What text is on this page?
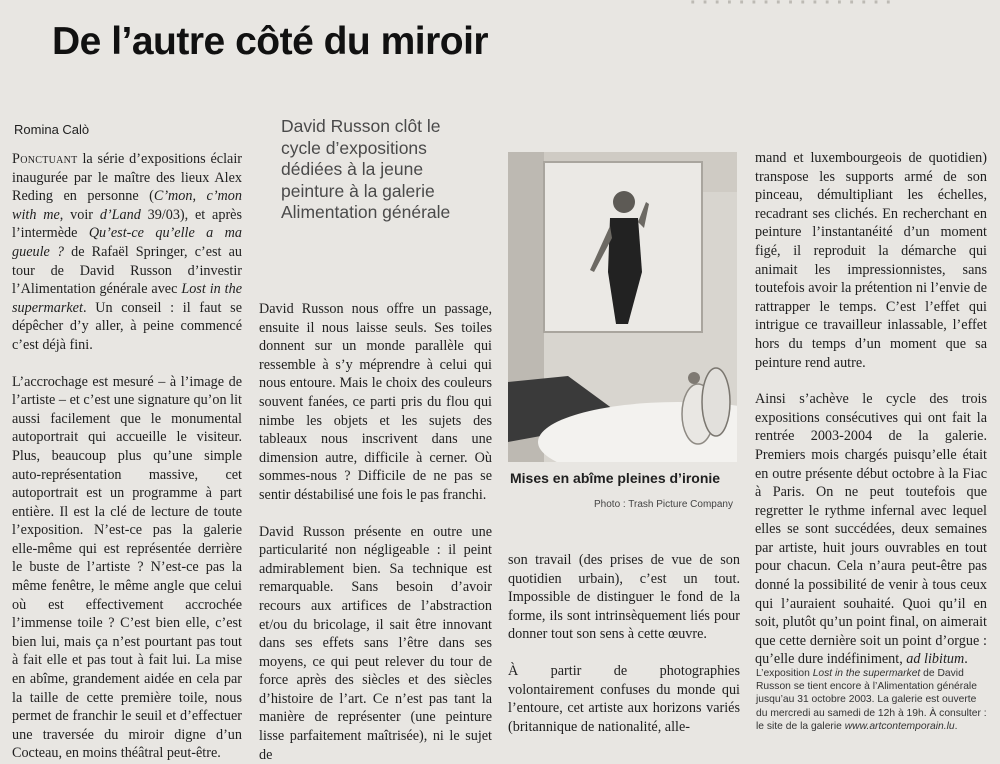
· · · · · · · · · · · · · · · · ·
De l’autre côté du miroir
Romina Calò

Ponctuant la série d’expositions éclair inaugurée par le maître des lieux Alex Reding en personne (C’mon, c’mon with me, voir d’Land 39/03), et après l’intermède Qu’est-ce qu’elle a ma gueule ? de Rafaël Springer, c’est au tour de David Russon d’investir l’Alimentation générale avec Lost in the supermarket. Un conseil : il faut se dépêcher d’y aller, à peine commencé c’est déjà fini.

L’accrochage est mesuré – à l’image de l’artiste – et c’est une signature qu’on lit aussi facilement que le monumental autoportrait qui accueille le visiteur. Plus, beaucoup plus qu’une simple auto-représentation massive, cet autoportrait est un programme à part entière. Il est la clé de lecture de toute l’exposition. N’est-ce pas la galerie elle-même qui est représentée derrière le buste de l’artiste ? N’est-ce pas la même fenêtre, le même angle que celui où est effectivement accrochée l’immense toile ? C’est bien elle, c’est bien lui, mais ça n’est pourtant pas tout à fait elle et pas tout à fait lui. La mise en abîme, grandement aidée en cela par la taille de cette première toile, nous permet de franchir le seuil et d’effectuer une traversée du miroir digne d’un Cocteau, en moins théâtral peut-être.

David Russon clôt le cycle d’expositions dédiées à la jeune peinture à la galerie Alimentation générale

David Russon nous offre un passage, ensuite il nous laisse seuls. Ses toiles donnent sur un monde parallèle qui ressemble à s’y méprendre à celui qui nous entoure. Mais le choix des couleurs souvent fanées, ce parti pris du flou qui nimbe les objets et les sujets des tableaux nous inscrivent dans une dimension autre, difficile à cerner. Où sommes-nous ? Difficile de ne pas se sentir déstabilisé une fois le pas franchi.

David Russon présente en outre une particularité non négligeable : il peint admirablement bien. Sa technique est remarquable. Sans besoin d’avoir recours aux artifices de l’abstraction et/ou du bricolage, il sait être innovant dans ses effets sans l’être dans ses moyens, ce qui peut relever du tour de force après des siècles et des siècles d’histoire de l’art. Ce n’est pas tant la manière de représenter (une peinture lisse parfaitement maîtrisée), ni le sujet de

Mises en abîme pleines d’ironie
Photo : Trash Picture Company

son travail (des prises de vue de son quotidien urbain), c’est un tout. Impossible de distinguer le fond de la forme, ils sont intrinsèquement liés pour donner tout son sens à cette œuvre.

À partir de photographies volontairement confuses du monde qui l’entoure, cet artiste aux horizons variés (britannique de nationalité, alle-

mand et luxembourgeois de quotidien) transpose les supports armé de son pinceau, démultipliant les échelles, recadrant ses clichés. En recherchant en peinture l’instantanéité d’un moment figé, il reproduit la démarche qui animait les impressionnistes, sans toutefois avoir la prétention ni l’envie de rattrapper le temps. C’est l’effet qui intrigue ce travailleur inlassable, l’effet hors du temps d’un moment que sa peinture rend autre.

Ainsi s’achève le cycle des trois expositions consécutives qui ont fait la rentrée 2003-2004 de la galerie. Premiers mois chargés puisqu’elle était en outre présente début octobre à la Fiac à Paris. On ne peut toutefois que regretter le rythme infernal avec lequel elles se sont succédées, deux semaines par artiste, huit jours ouvrables en tout pour chacun. Cela n’aura peut-être pas donné la possibilité de venir à tous ceux qui l’auraient souhaité. Quoi qu’il en soit, plutôt qu’un point final, on aimerait que cette dernière soit un point d’orgue : qu’elle dure indéfiniment, ad libitum.

L’exposition Lost in the supermarket de David Russon se tient encore à l’Alimentation générale jusqu’au 31 octobre 2003. La galerie est ouverte du mercredi au samedi de 12h à 19h. À consulter : le site de la galerie www.artcontemporain.lu.
